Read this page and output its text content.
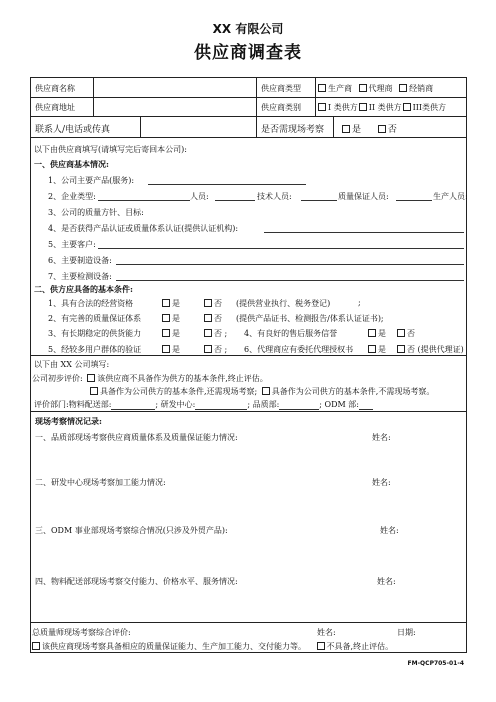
XX 有限公司
供应商调查表
供应商名称	供应商类型	生产商 代理商 经销商
供应商地址	供应商类别	I 类供方 II 类供方 III类供方
联系人/电话或传真	是否需现场考察	是	否
以下由供应商填写(请填写完后寄回本公司):
一、供应商基本情况:
1、公司主要产品(服务):
2、企业类型:	人员:	技术人员:	质量保证人员:	生产人员:
3、公司的质量方针、目标:
4、是否获得产品认证或质量体系认证(提供认证机构):
5、主要客户:
6、主要制造设备:
7、主要检测设备:
二、供方应具备的基本条件:
1、具有合法的经营资格	是	否 (提供营业执行、税务登记)	;
2、有完善的质量保证体系	是	否 (提供产品证书、检测报告/体系认证证书);
3、有长期稳定的供货能力	是	否 ; 4、有良好的售后服务信誉	是	否
5、经较多用户群体的验证	是	否 ; 6、代理商应有委托代理授权书	是	否 (提供代理证)
以下由 XX 公司填写:
公司初步评价: 该供应商不具备作为供方的基本条件,终止评估。
具备作为公司供方的基本条件,还需现场考察; 具备作为公司供方的基本条件,不需现场考察。
评价部门:物料配送部:	; 研发中心:	; 品质部:	; ODM 部:
现场考察情况记录:
一、品质部现场考察供应商质量体系及质量保证能力情况:	姓名:
二、研发中心现场考察加工能力情况:	姓名:
三、ODM 事业部现场考察综合情况(只涉及外贸产品):	姓名:
四、物料配送部现场考察交付能力、价格水平、服务情况:	姓名:
总质量师现场考察综合评价:	姓名:	日期:
该供应商现场考察具备相应的质量保证能力、生产加工能力、交付能力等。	不具备,终止评估。
FM-QCP705-01-4
